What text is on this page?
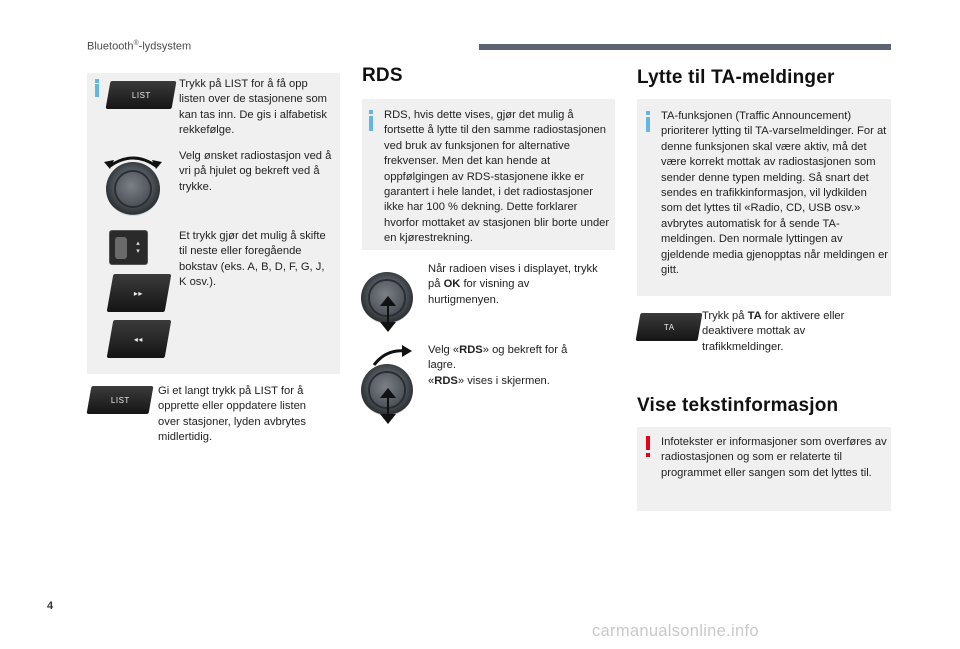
Bluetooth®-lydsystem
LIST
Trykk på LIST for å få opp listen over de stasjonene som kan tas inn. De gis i alfabetisk rekkefølge.
Velg ønsket radiostasjon ved å vri på hjulet og bekreft ved å trykke.
▴
▾
Et trykk gjør det mulig å skifte til neste eller foregående bokstav (eks. A, B, D, F, G, J, K osv.).
▸▸
◂◂
LIST
Gi et langt trykk på LIST for å opprette eller oppdatere listen over stasjoner, lyden avbrytes midlertidig.
RDS
RDS, hvis dette vises, gjør det mulig å fortsette å lytte til den samme radiostasjonen ved bruk av funksjonen for alternative frekvenser. Men det kan hende at oppfølgingen av RDS-stasjonene ikke er garantert i hele landet, i det radiostasjoner ikke har 100 % dekning. Dette forklarer hvorfor mottaket av stasjonen blir borte under en kjørestrekning.
Når radioen vises i displayet, trykk på OK for visning av hurtigmenyen.
Velg «RDS» og bekreft for å lagre.
«RDS» vises i skjermen.
Lytte til TA-meldinger
TA-funksjonen (Traffic Announcement) prioriterer lytting til TA-varselmeldinger. For at denne funksjonen skal være aktiv, må det være korrekt mottak av radiostasjonen som sender denne typen melding. Så snart det sendes en trafikkinformasjon, vil lydkilden som det lyttes til «Radio, CD, USB osv.» avbrytes automatisk for å sende TA-meldingen. Den normale lyttingen av gjeldende media gjenopptas når meldingen er gitt.
TA
Trykk på TA for aktivere eller deaktivere mottak av trafikkmeldinger.
Vise tekstinformasjon
Infotekster er informasjoner som overføres av radiostasjonen og som er relaterte til programmet eller sangen som det lyttes til.
4
carmanualsonline.info
